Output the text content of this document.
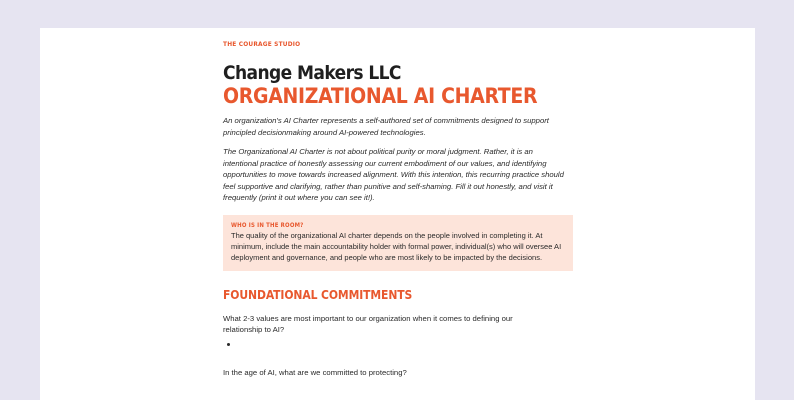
THE COURAGE STUDIO
Change Makers LLC
ORGANIZATIONAL AI CHARTER

An organization's AI Charter represents a self-authored set of commitments designed to support principled decisionmaking around AI-powered technologies.

The Organizational AI Charter is not about political purity or moral judgment. Rather, it is an intentional practice of honestly assessing our current embodiment of our values, and identifying opportunities to move towards increased alignment. With this intention, this recurring practice should feel supportive and clarifying, rather than punitive and self-shaming. Fill it out honestly, and visit it frequently (print it out where you can see it!).

WHO IS IN THE ROOM?

The quality of the organizational AI charter depends on the people involved in completing it. At minimum, include the main accountability holder with formal power, individual(s) who will oversee AI deployment and governance, and people who are most likely to be impacted by the decisions.

FOUNDATIONAL COMMITMENTS

What 2-3 values are most important to our organization when it comes to defining our relationship to AI?

In the age of AI, what are we committed to protecting?
